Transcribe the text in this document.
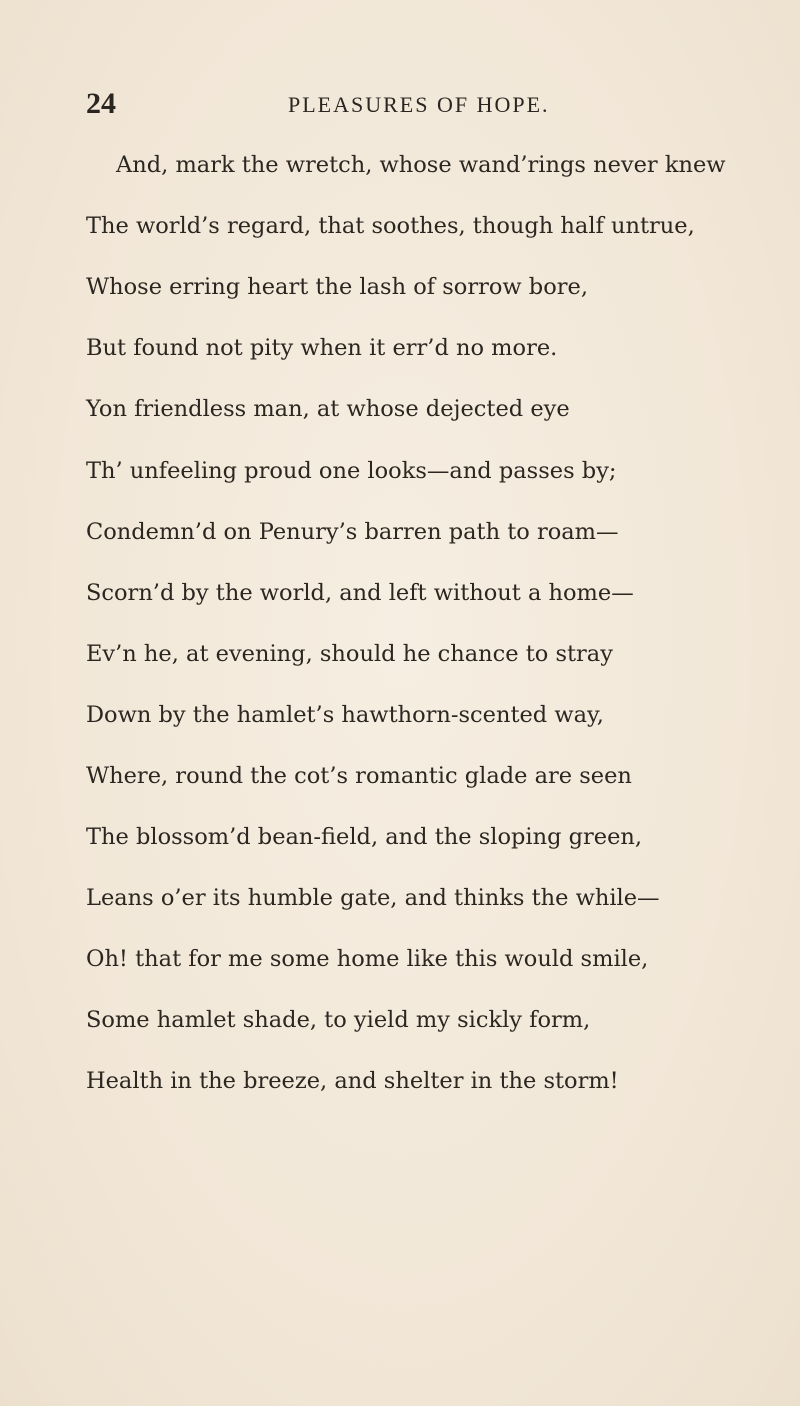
24	PLEASURES OF HOPE.
And, mark the wretch, whose wand’rings never knew
The world’s regard, that soothes, though half untrue,
Whose erring heart the lash of sorrow bore,
But found not pity when it err’d no more.
Yon friendless man, at whose dejected eye
Th’ unfeeling proud one looks—and passes by;
Condemn’d on Penury’s barren path to roam—
Scorn’d by the world, and left without a home—
Ev’n he, at evening, should he chance to stray
Down by the hamlet’s hawthorn-scented way,
Where, round the cot’s romantic glade are seen
The blossom’d bean-field, and the sloping green,
Leans o’er its humble gate, and thinks the while—
Oh! that for me some home like this would smile,
Some hamlet shade, to yield my sickly form,
Health in the breeze, and shelter in the storm!
